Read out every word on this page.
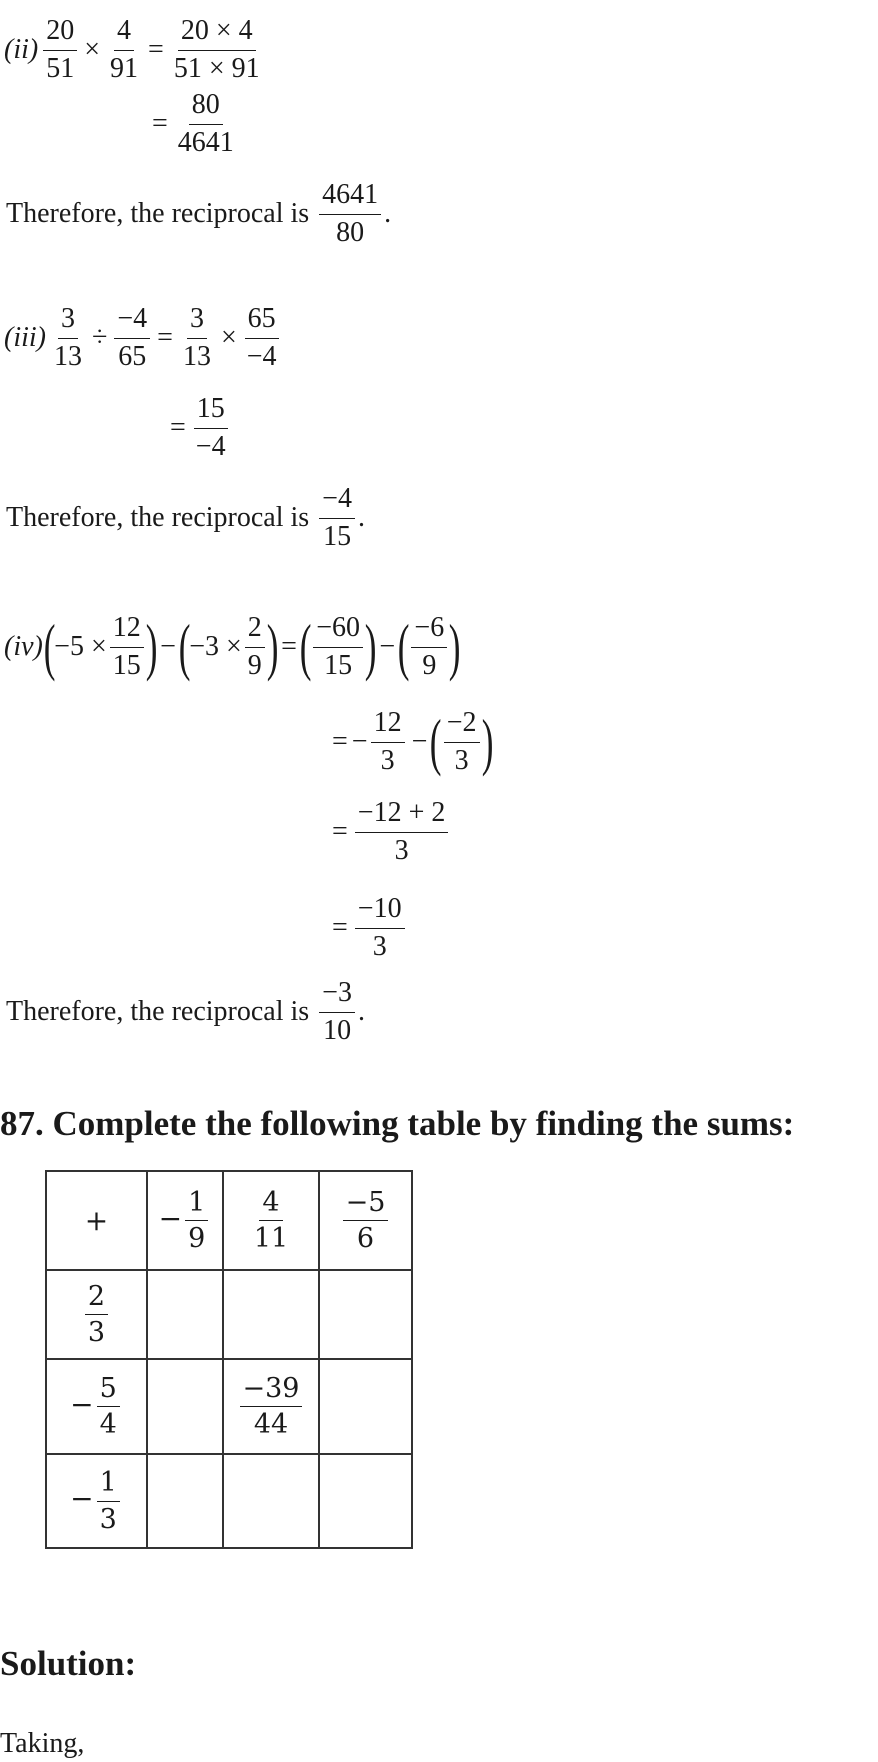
$(ii) \frac{20}{51} \times \frac{4}{91} = \frac{20 \times 4}{51 \times 91}$
= $\frac{80}{4641}$
Therefore, the reciprocal is $\frac{4641}{80}$ .
$(iii) \frac{3}{13} \div \frac{-4}{65} = \frac{3}{13} \times \frac{65}{-4}$
= $\frac{15}{-4}$
Therefore, the reciprocal is $\frac{-4}{15}$ .
(iv) (
$-5 \times \frac{12}{15}$ ) − (
$-3 \times \frac{2}{9}$ ) = ( $\frac{-60}{15}$ ) − ( $\frac{-6}{9}$ )
= − $\frac{12}{3}$ − ( $\frac{-2}{3}$ )
= $\frac{-12 + 2}{3}$
= $\frac{-10}{3}$
Therefore, the reciprocal is $\frac{-3}{10}$ .
87. Complete the following table by finding the sums:
+	− $\frac{1}{9}$	$\frac{4}{11}$	$\frac{-5}{6}$

$\frac{2}{3}$

− $\frac{5}{4}$		$\frac{-39}{44}$

− $\frac{1}{3}$

Solution:
Taking,
